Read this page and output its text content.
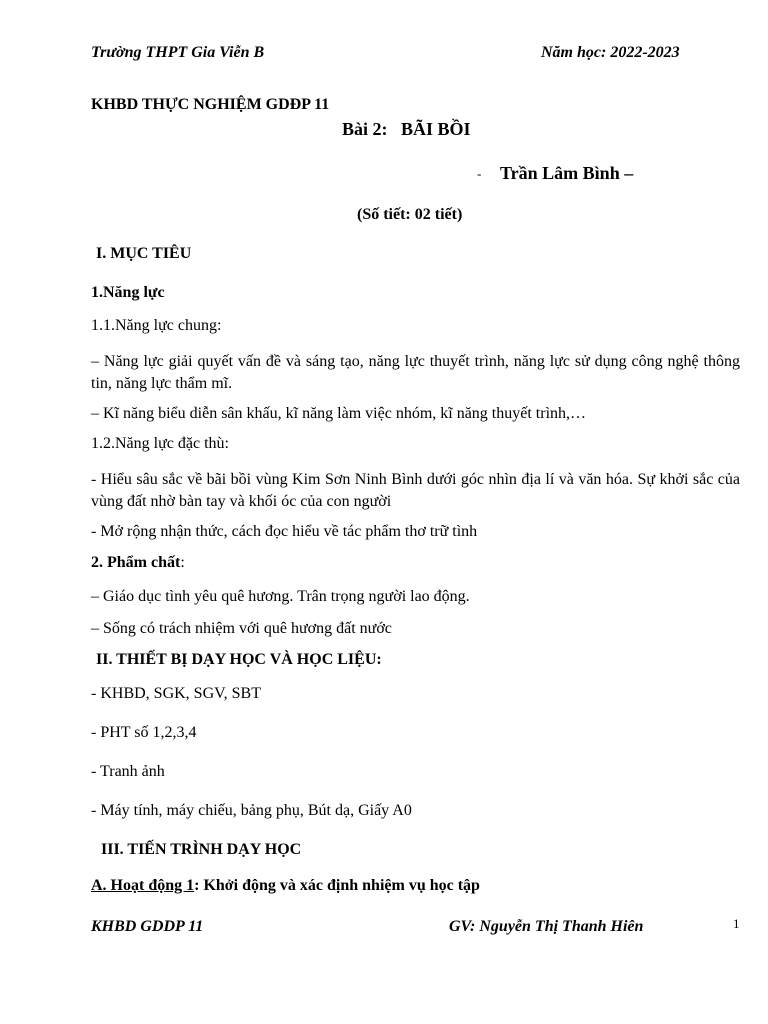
Trường THPT Gia Viễn B	Năm học: 2022-2023
KHBD THỰC NGHIỆM GDĐP 11
Bài 2:   BÃI BỒI
- Trần Lâm Bình –
(Số tiết: 02 tiết)
I. MỤC TIÊU
1.Năng lực
1.1.Năng lực chung:
– Năng lực giải quyết vấn đề và sáng tạo, năng lực thuyết trình, năng lực sử dụng công nghệ thông tin, năng lực thẩm mĩ.
– Kĩ năng biểu diễn sân khấu, kĩ năng làm việc nhóm, kĩ năng thuyết trình,…
1.2.Năng lực đặc thù:
- Hiểu sâu sắc về bãi bồi vùng Kim Sơn Ninh Bình dưới góc nhìn địa lí và văn hóa. Sự khởi sắc của vùng đất nhờ bàn tay và khối óc của con người
- Mở rộng nhận thức, cách đọc hiểu về tác phẩm thơ trữ tình
2. Phẩm chất:
– Giáo dục tình yêu quê hương. Trân trọng người lao động.
– Sống có trách nhiệm với quê hương đất nước
II. THIẾT BỊ DẠY HỌC VÀ HỌC LIỆU:
- KHBD, SGK, SGV, SBT
- PHT số 1,2,3,4
- Tranh ảnh
- Máy tính, máy chiếu, bảng phụ, Bút dạ, Giấy A0
III. TIẾN TRÌNH DẠY HỌC
A. Hoạt động 1: Khởi động và xác định nhiệm vụ học tập
KHBD GDDP 11	GV: Nguyễn Thị Thanh Hiên	1
